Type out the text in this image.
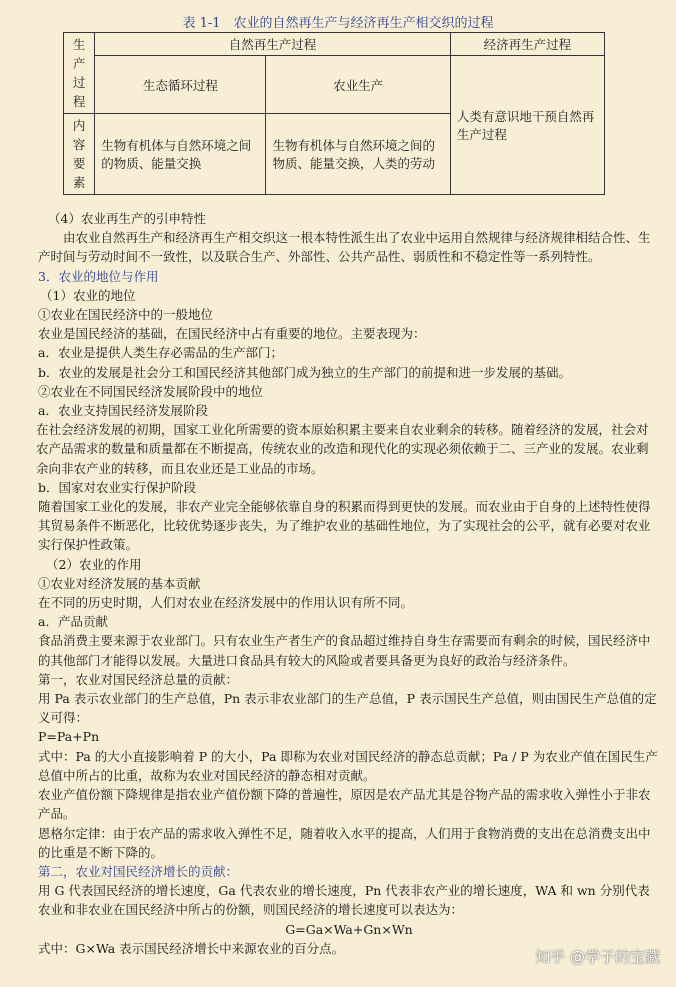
表 1-1　农业的自然再生产与经济再生产相交织的过程
生产过程	自然再生产过程		经济再生产过程
	生态循环过程	农业生产	人类有意识地干预自然再生产过程

内容要素	生物有机体与自然环境之间的物质、能量交换	生物有机体与自然环境之间的物质、能量交换，人类的劳动	

（4）农业再生产的引申特性

由农业自然再生产和经济再生产相交织这一根本特性派生出了农业中运用自然规律与经济规律相结合性、生产时间与劳动时间不一致性，以及联合生产、外部性、公共产品性、弱质性和不稳定性等一系列特性。

3．农业的地位与作用

（1）农业的地位

①农业在国民经济中的一般地位

农业是国民经济的基础，在国民经济中占有重要的地位。主要表现为：

a．农业是提供人类生存必需品的生产部门；

b．农业的发展是社会分工和国民经济其他部门成为独立的生产部门的前提和进一步发展的基础。

②农业在不同国民经济发展阶段中的地位

a．农业支持国民经济发展阶段

在社会经济发展的初期，国家工业化所需要的资本原始积累主要来自农业剩余的转移。随着经济的发展，社会对农产品需求的数量和质量都在不断提高，传统农业的改造和现代化的实现必须依赖于二、三产业的发展。农业剩余向非农产业的转移，而且农业还是工业品的市场。

b．国家对农业实行保护阶段

随着国家工业化的发展，非农产业完全能够依靠自身的积累而得到更快的发展。而农业由于自身的上述特性使得其贸易条件不断恶化，比较优势逐步丧失，为了维护农业的基础性地位，为了实现社会的公平，就有必要对农业实行保护性政策。

（2）农业的作用

①农业对经济发展的基本贡献

在不同的历史时期，人们对农业在经济发展中的作用认识有所不同。

a．产品贡献

食品消费主要来源于农业部门。只有农业生产者生产的食品超过维持自身生存需要而有剩余的时候，国民经济中的其他部门才能得以发展。大量进口食品具有较大的风险或者要具备更为良好的政治与经济条件。

第一，农业对国民经济总量的贡献：

用 Pa 表示农业部门的生产总值，Pn 表示非农业部门的生产总值，P 表示国民生产总值，则由国民生产总值的定义可得：

P=Pa+Pn

式中：Pa 的大小直接影响着 P 的大小，Pa 即称为农业对国民经济的静态总贡献；Pa / P 为农业产值在国民生产总值中所占的比重，故称为农业对国民经济的静态相对贡献。

农业产值份额下降规律是指农业产值份额下降的普遍性，原因是农产品尤其是谷物产品的需求收入弹性小于非农产品。

恩格尔定律：由于农产品的需求收入弹性不足，随着收入水平的提高，人们用于食物消费的支出在总消费支出中的比重是不断下降的。

第二，农业对国民经济增长的贡献：

用 G 代表国民经济的增长速度，Ga 代表农业的增长速度，Pn 代表非农产业的增长速度，WA 和 wn 分别代表农业和非农业在国民经济中所占的份额，则国民经济的增长速度可以表达为：

G=Ga×Wa+Gn×Wn

式中：G×Wa 表示国民经济增长中来源农业的百分点。	知乎 @学子的宝藏
